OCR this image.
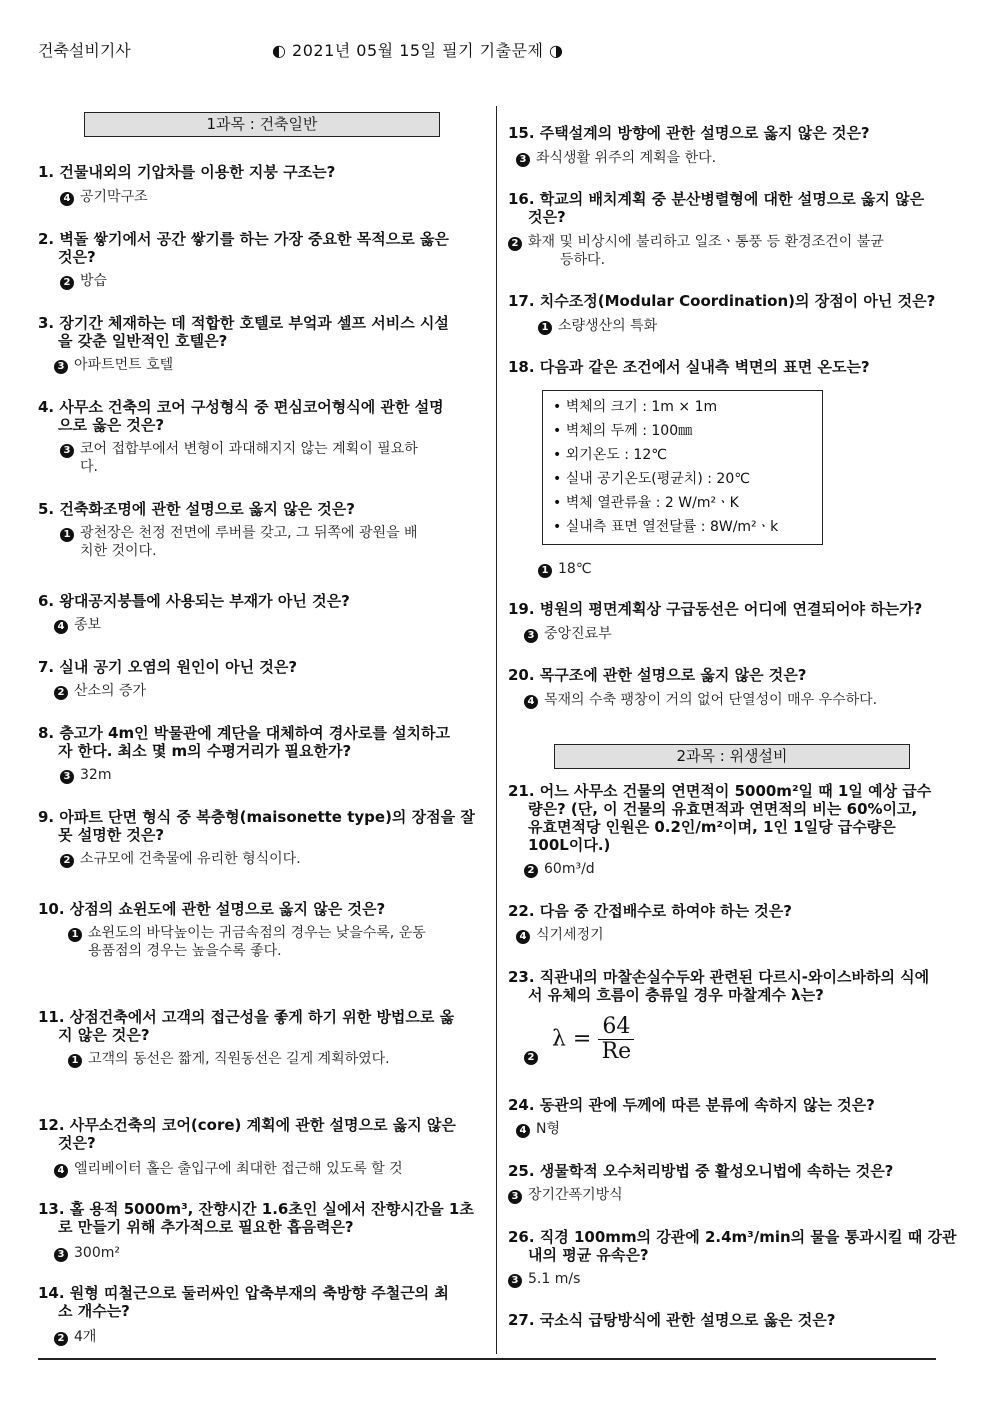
건축설비기사	◐ 2021년 05월 15일 필기 기출문제 ◑
1과목 : 건축일반
1. 건물내외의 기압차를 이용한 지붕 구조는?
4 공기막구조
2. 벽돌 쌓기에서 공간 쌓기를 하는 가장 중요한 목적으로 옳은
것은?
2 방습
3. 장기간 체재하는 데 적합한 호텔로 부엌과 셀프 서비스 시설
을 갖춘 일반적인 호텔은?
3 아파트먼트 호텔
4. 사무소 건축의 코어 구성형식 중 편심코어형식에 관한 설명
으로 옳은 것은?
3 코어 접합부에서 변형이 과대해지지 않는 계획이 필요하
다.
5. 건축화조명에 관한 설명으로 옳지 않은 것은?
1 광천장은 천정 전면에 루버를 갖고, 그 뒤쪽에 광원을 배
치한 것이다.
6. 왕대공지붕틀에 사용되는 부재가 아닌 것은?
4 종보
7. 실내 공기 오염의 원인이 아닌 것은?
2 산소의 증가
8. 층고가 4m인 박물관에 계단을 대체하여 경사로를 설치하고
자 한다. 최소 몇 m의 수평거리가 필요한가?
3 32m
9. 아파트 단면 형식 중 복층형(maisonette type)의 장점을 잘
못 설명한 것은?
2 소규모에 건축물에 유리한 형식이다.
10. 상점의 쇼윈도에 관한 설명으로 옳지 않은 것은?
1 쇼윈도의 바닥높이는 귀금속점의 경우는 낮을수록, 운동
용품점의 경우는 높을수록 좋다.
11. 상점건축에서 고객의 접근성을 좋게 하기 위한 방법으로 옳
지 않은 것은?
1 고객의 동선은 짧게, 직원동선은 길게 계획하였다.
12. 사무소건축의 코어(core) 계획에 관한 설명으로 옳지 않은
것은?
4 엘리베이터 홀은 출입구에 최대한 접근해 있도록 할 것
13. 홀 용적 5000m³, 잔향시간 1.6초인 실에서 잔향시간을 1초
로 만들기 위해 추가적으로 필요한 흡음력은?
3 300m²
14. 원형 띠철근으로 둘러싸인 압축부재의 축방향 주철근의 최
소 개수는?
2 4개
15. 주택설계의 방향에 관한 설명으로 옳지 않은 것은?
3 좌식생활 위주의 계획을 한다.
16. 학교의 배치계획 중 분산병렬형에 대한 설명으로 옳지 않은
것은?
2 화재 및 비상시에 불리하고 일조ㆍ통풍 등 환경조건이 불균
등하다.
17. 치수조정(Modular Coordination)의 장점이 아닌 것은?
1 소량생산의 특화
18. 다음과 같은 조건에서 실내측 벽면의 표면 온도는?
• 벽체의 크기 : 1m × 1m
• 벽체의 두께 : 100㎜
• 외기온도 : 12℃
• 실내 공기온도(평균치) : 20℃
• 벽체 열관류율 : 2 W/m²ㆍK
• 실내측 표면 열전달률 : 8W/m²ㆍk
1 18℃
19. 병원의 평면계획상 구급동선은 어디에 연결되어야 하는가?
3 중앙진료부
20. 목구조에 관한 설명으로 옳지 않은 것은?
4 목재의 수축 팽창이 거의 없어 단열성이 매우 우수하다.
2과목 : 위생설비
21. 어느 사무소 건물의 연면적이 5000m²일 때 1일 예상 급수
량은? (단, 이 건물의 유효면적과 연면적의 비는 60%이고,
유효면적당 인원은 0.2인/m²이며, 1인 1일당 급수량은
100L이다.)
2 60m³/d
22. 다음 중 간접배수로 하여야 하는 것은?
4 식기세정기
23. 직관내의 마찰손실수두와 관련된 다르시-와이스바하의 식에
서 유체의 흐름이 층류일 경우 마찰계수 λ는?
2
$\lambda = \frac{64}{Re}$
24. 동관의 관에 두께에 따른 분류에 속하지 않는 것은?
4 N형
25. 생물학적 오수처리방법 중 활성오니법에 속하는 것은?
3 장기간폭기방식
26. 직경 100mm의 강관에 2.4m³/min의 물을 통과시킬 때 강관
내의 평균 유속은?
3 5.1 m/s
27. 국소식 급탕방식에 관한 설명으로 옳은 것은?
